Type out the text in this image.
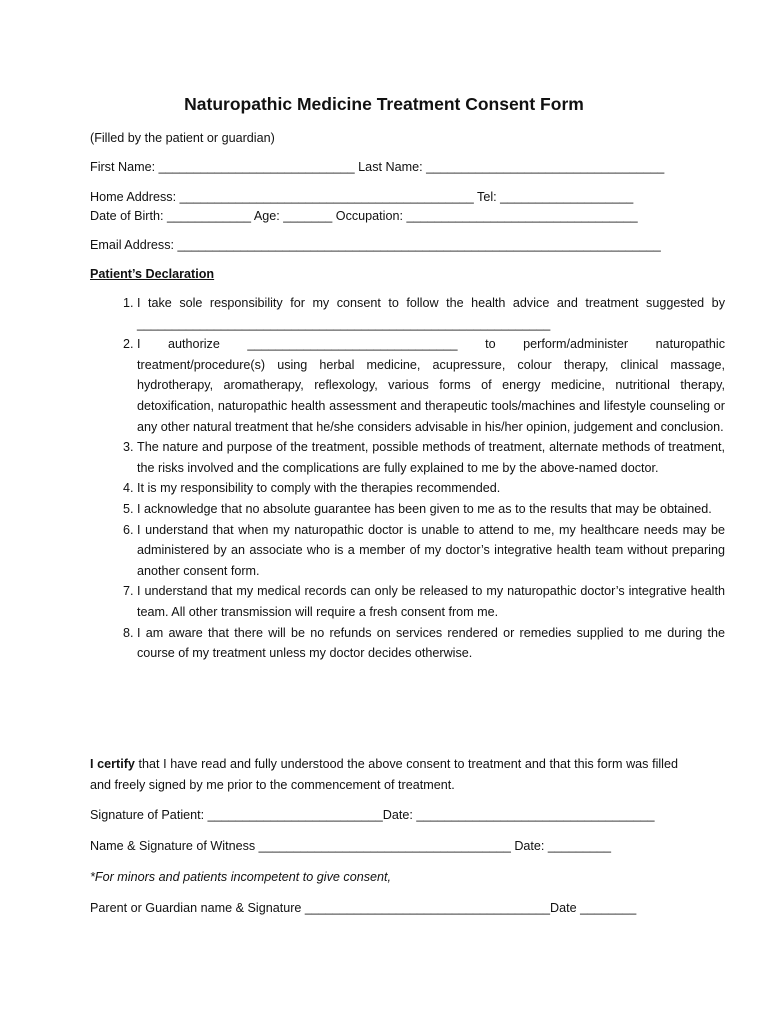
Naturopathic Medicine Treatment Consent Form
(Filled by the patient or guardian)
First Name: ____________________________ Last Name: __________________________________
Home Address: __________________________________________ Tel: ___________________
Date of Birth: ____________ Age: _______ Occupation: _________________________________
Email Address: _____________________________________________________________________
Patient’s Declaration
1. I take sole responsibility for my consent to follow the health advice and treatment suggested by ___________________________________________________________
2. I authorize ______________________________ to perform/administer naturopathic treatment/procedure(s) using herbal medicine, acupressure, colour therapy, clinical massage, hydrotherapy, aromatherapy, reflexology, various forms of energy medicine, nutritional therapy, detoxification, naturopathic health assessment and therapeutic tools/machines and lifestyle counseling or any other natural treatment that he/she considers advisable in his/her opinion, judgement and conclusion.
3. The nature and purpose of the treatment, possible methods of treatment, alternate methods of treatment, the risks involved and the complications are fully explained to me by the above-named doctor.
4. It is my responsibility to comply with the therapies recommended.
5. I acknowledge that no absolute guarantee has been given to me as to the results that may be obtained.
6. I understand that when my naturopathic doctor is unable to attend to me, my healthcare needs may be administered by an associate who is a member of my doctor’s integrative health team without preparing another consent form.
7. I understand that my medical records can only be released to my naturopathic doctor’s integrative health team. All other transmission will require a fresh consent from me.
8. I am aware that there will be no refunds on services rendered or remedies supplied to me during the course of my treatment unless my doctor decides otherwise.
I certify that I have read and fully understood the above consent to treatment and that this form was filled and freely signed by me prior to the commencement of treatment.
Signature of Patient: _________________________Date: __________________________________
Name & Signature of Witness ____________________________________ Date: _________
*For minors and patients incompetent to give consent,
Parent or Guardian name & Signature ___________________________________Date ________
